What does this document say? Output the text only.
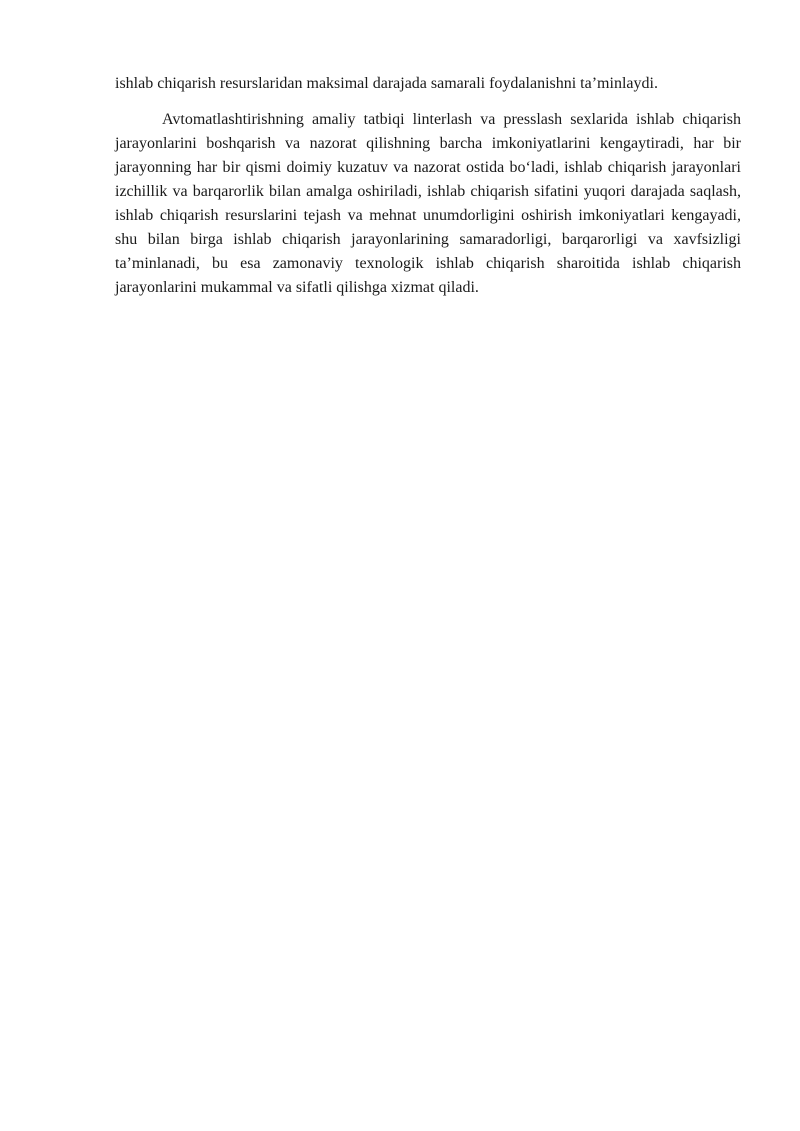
ishlab chiqarish resurslaridan maksimal darajada samarali foydalanishni ta’minlaydi.

Avtomatlashtirishning amaliy tatbiqi linterlash va presslash sexlarida ishlab chiqarish jarayonlarini boshqarish va nazorat qilishning barcha imkoniyatlarini kengaytiradi, har bir jarayonning har bir qismi doimiy kuzatuv va nazorat ostida boʻladi, ishlab chiqarish jarayonlari izchillik va barqarorlik bilan amalga oshiriladi, ishlab chiqarish sifatini yuqori darajada saqlash, ishlab chiqarish resurslarini tejash va mehnat unumdorligini oshirish imkoniyatlari kengayadi, shu bilan birga ishlab chiqarish jarayonlarining samaradorligi, barqarorligi va xavfsizligi ta’minlanadi, bu esa zamonaviy texnologik ishlab chiqarish sharoitida ishlab chiqarish jarayonlarini mukammal va sifatli qilishga xizmat qiladi.
